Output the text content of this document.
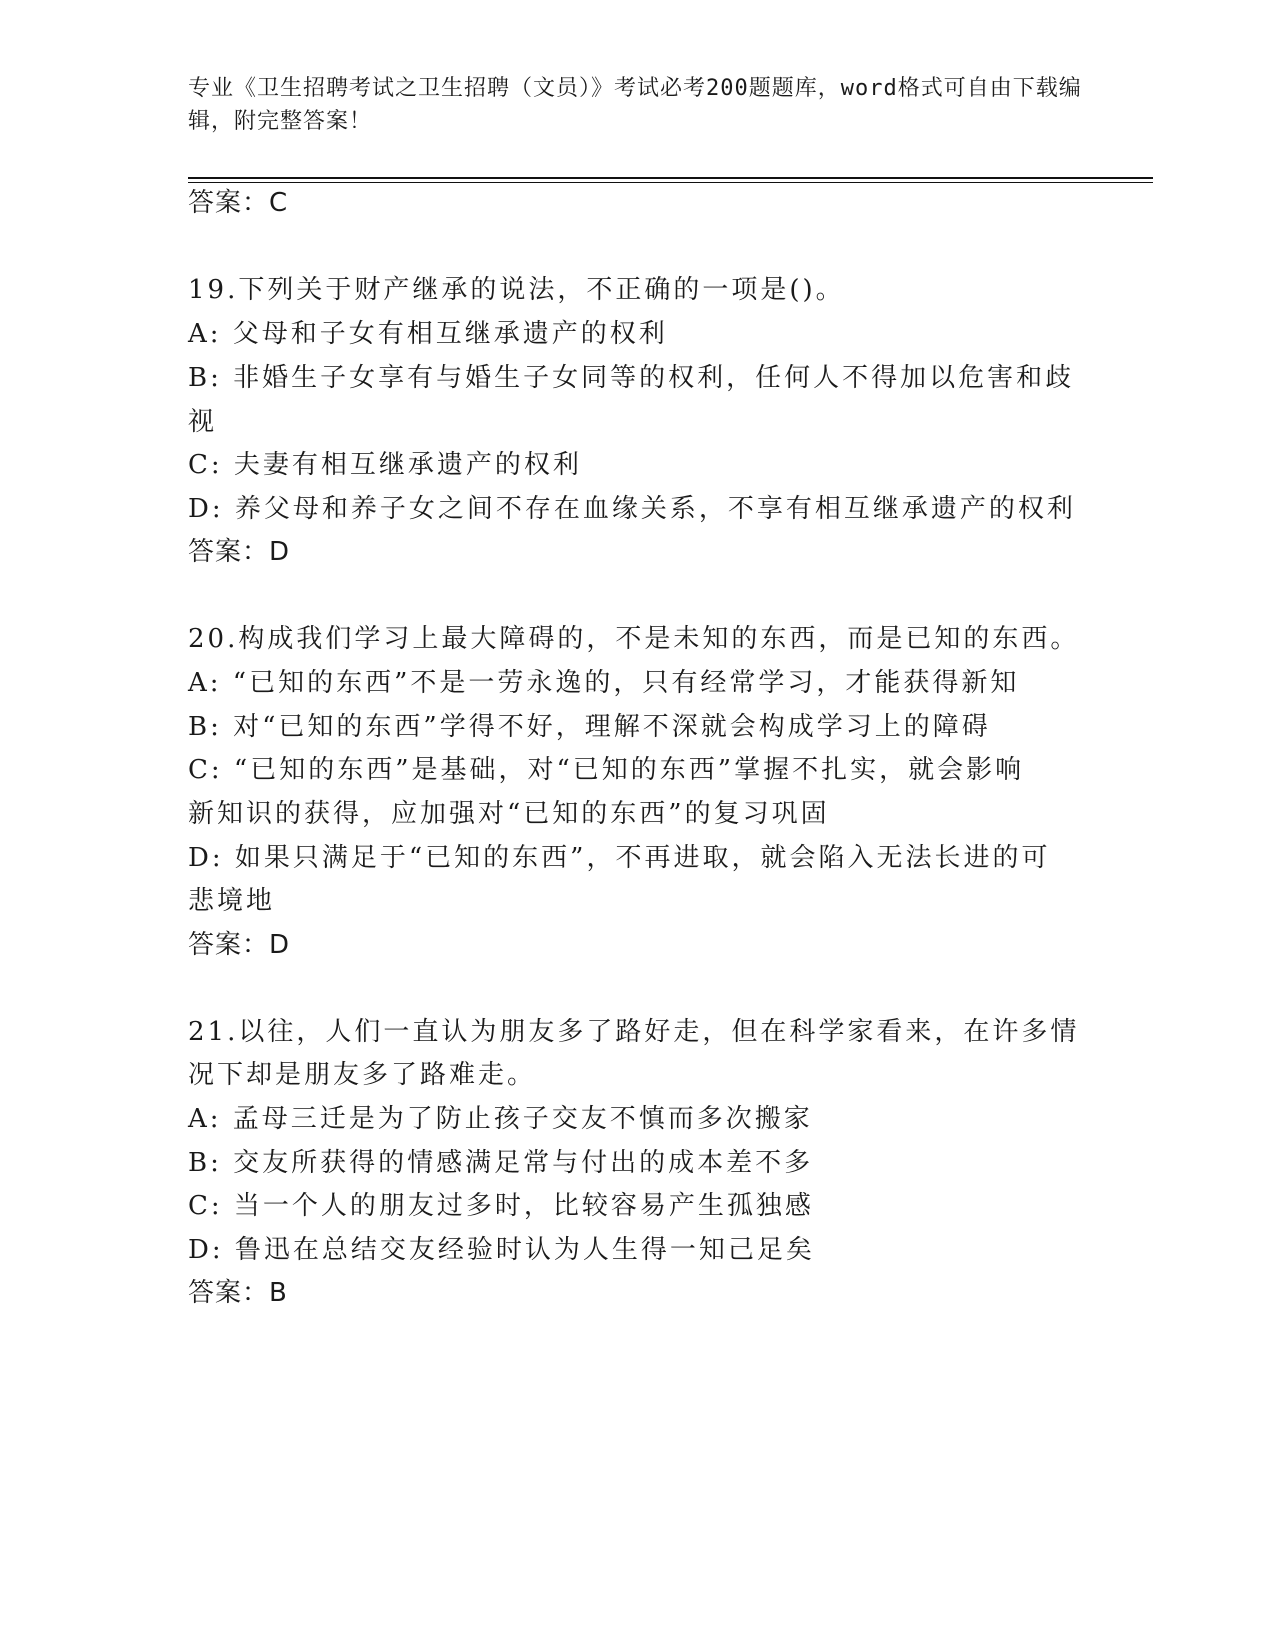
专业《卫生招聘考试之卫生招聘（文员）》考试必考200题题库，word格式可自由下载编辑，附完整答案！
答案：C
19.下列关于财产继承的说法，不正确的一项是()。
A: 父母和子女有相互继承遗产的权利
B: 非婚生子女享有与婚生子女同等的权利，任何人不得加以危害和歧
视
C: 夫妻有相互继承遗产的权利
D: 养父母和养子女之间不存在血缘关系，不享有相互继承遗产的权利
答案：D
20.构成我们学习上最大障碍的，不是未知的东西，而是已知的东西。
A: “已知的东西”不是一劳永逸的，只有经常学习，才能获得新知
B: 对“已知的东西”学得不好，理解不深就会构成学习上的障碍
C: “已知的东西”是基础，对“已知的东西”掌握不扎实，就会影响
新知识的获得，应加强对“已知的东西”的复习巩固
D: 如果只满足于“已知的东西”，不再进取，就会陷入无法长进的可
悲境地
答案：D
21.以往，人们一直认为朋友多了路好走，但在科学家看来，在许多情
况下却是朋友多了路难走。
A: 孟母三迁是为了防止孩子交友不慎而多次搬家
B: 交友所获得的情感满足常与付出的成本差不多
C: 当一个人的朋友过多时，比较容易产生孤独感
D: 鲁迅在总结交友经验时认为人生得一知己足矣
答案：B
